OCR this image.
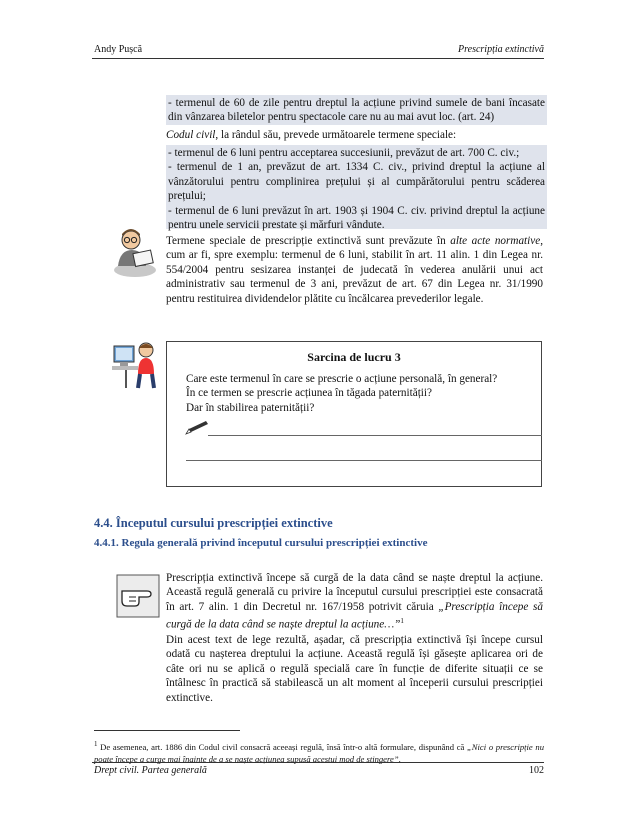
Andy Pușcă	Prescripția extinctivă
- termenul de 60 de zile pentru dreptul la acțiune privind sumele de bani încasate din vânzarea biletelor pentru spectacole care nu au mai avut loc. (art. 24)
Codul civil, la rândul său, prevede următoarele termene speciale:
- termenul de 6 luni pentru acceptarea succesiunii, prevăzut de art. 700 C. civ.;
- termenul de 1 an, prevăzut de art. 1334 C. civ., privind dreptul la acțiune al vânzătorului pentru complinirea prețului și al cumpărătorului pentru scăderea prețului;
- termenul de 6 luni prevăzut în art. 1903 și 1904 C. civ. privind dreptul la acțiune pentru unele servicii prestate și mărfuri vândute.
Termene speciale de prescripție extinctivă sunt prevăzute în alte acte normative, cum ar fi, spre exemplu: termenul de 6 luni, stabilit în art. 11 alin. 1 din Legea nr. 554/2004 pentru sesizarea instanței de judecată în vederea anulării unui act administrativ sau termenul de 3 ani, prevăzut de art. 67 din Legea nr. 31/1990 pentru restituirea dividendelor plătite cu încălcarea prevederilor legale.
Sarcina de lucru 3
Care este termenul în care se prescrie o acțiune personală, în general?
În ce termen se prescrie acțiunea în tăgada paternității?
Dar în stabilirea paternității?
4.4. Începutul cursului prescripției extinctive
4.4.1. Regula generală privind începutul cursului prescripției extinctive
Prescripția extinctivă începe să curgă de la data când se naște dreptul la acțiune. Această regulă generală cu privire la începutul cursului prescripției este consacrată în art. 7 alin. 1 din Decretul nr. 167/1958 potrivit căruia „Prescripția începe să curgă de la data când se naște dreptul la acțiune…”$^1$
Din acest text de lege rezultă, așadar, că prescripția extinctivă își începe cursul odată cu nașterea dreptului la acțiune. Această regulă își găsește aplicarea ori de câte ori nu se aplică o regulă specială care în funcție de diferite situații ce se întâlnesc în practică să stabilească un alt moment al începerii cursului prescripției extinctive.
$^1$ De asemenea, art. 1886 din Codul civil consacră aceeași regulă, însă într-o altă formulare, dispunând că „Nici o prescripție nu poate începe a curge mai înainte de a se naște acțiunea supusă acestui mod de stingere”.
Drept civil. Partea generală	102
